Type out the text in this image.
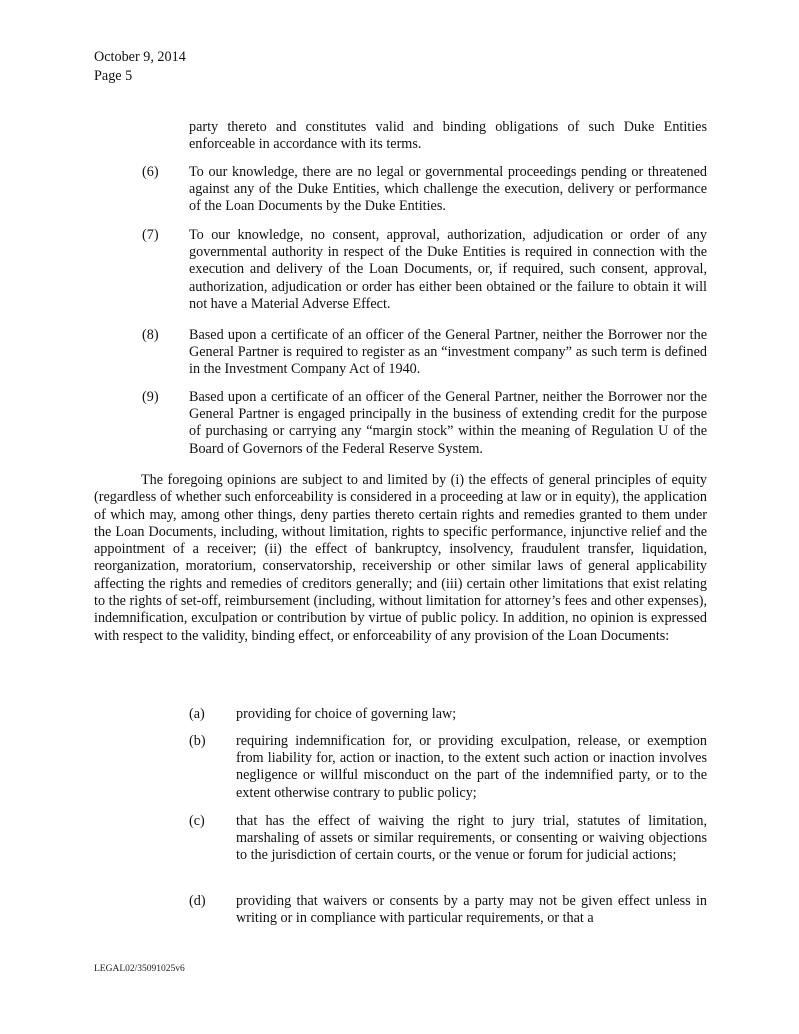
October 9, 2014
Page 5
party thereto and constitutes valid and binding obligations of such Duke Entities enforceable in accordance with its terms.
(6) To our knowledge, there are no legal or governmental proceedings pending or threatened against any of the Duke Entities, which challenge the execution, delivery or performance of the Loan Documents by the Duke Entities.
(7) To our knowledge, no consent, approval, authorization, adjudication or order of any governmental authority in respect of the Duke Entities is required in connection with the execution and delivery of the Loan Documents, or, if required, such consent, approval, authorization, adjudication or order has either been obtained or the failure to obtain it will not have a Material Adverse Effect.
(8) Based upon a certificate of an officer of the General Partner, neither the Borrower nor the General Partner is required to register as an “investment company” as such term is defined in the Investment Company Act of 1940.
(9) Based upon a certificate of an officer of the General Partner, neither the Borrower nor the General Partner is engaged principally in the business of extending credit for the purpose of purchasing or carrying any “margin stock” within the meaning of Regulation U of the Board of Governors of the Federal Reserve System.
The foregoing opinions are subject to and limited by (i) the effects of general principles of equity (regardless of whether such enforceability is considered in a proceeding at law or in equity), the application of which may, among other things, deny parties thereto certain rights and remedies granted to them under the Loan Documents, including, without limitation, rights to specific performance, injunctive relief and the appointment of a receiver; (ii) the effect of bankruptcy, insolvency, fraudulent transfer, liquidation, reorganization, moratorium, conservatorship, receivership or other similar laws of general applicability affecting the rights and remedies of creditors generally; and (iii) certain other limitations that exist relating to the rights of set-off, reimbursement (including, without limitation for attorney’s fees and other expenses), indemnification, exculpation or contribution by virtue of public policy. In addition, no opinion is expressed with respect to the validity, binding effect, or enforceability of any provision of the Loan Documents:
(a) providing for choice of governing law;
(b) requiring indemnification for, or providing exculpation, release, or exemption from liability for, action or inaction, to the extent such action or inaction involves negligence or willful misconduct on the part of the indemnified party, or to the extent otherwise contrary to public policy;
(c) that has the effect of waiving the right to jury trial, statutes of limitation, marshaling of assets or similar requirements, or consenting or waiving objections to the jurisdiction of certain courts, or the venue or forum for judicial actions;
(d) providing that waivers or consents by a party may not be given effect unless in writing or in compliance with particular requirements, or that a
LEGAL02/35091025v6
